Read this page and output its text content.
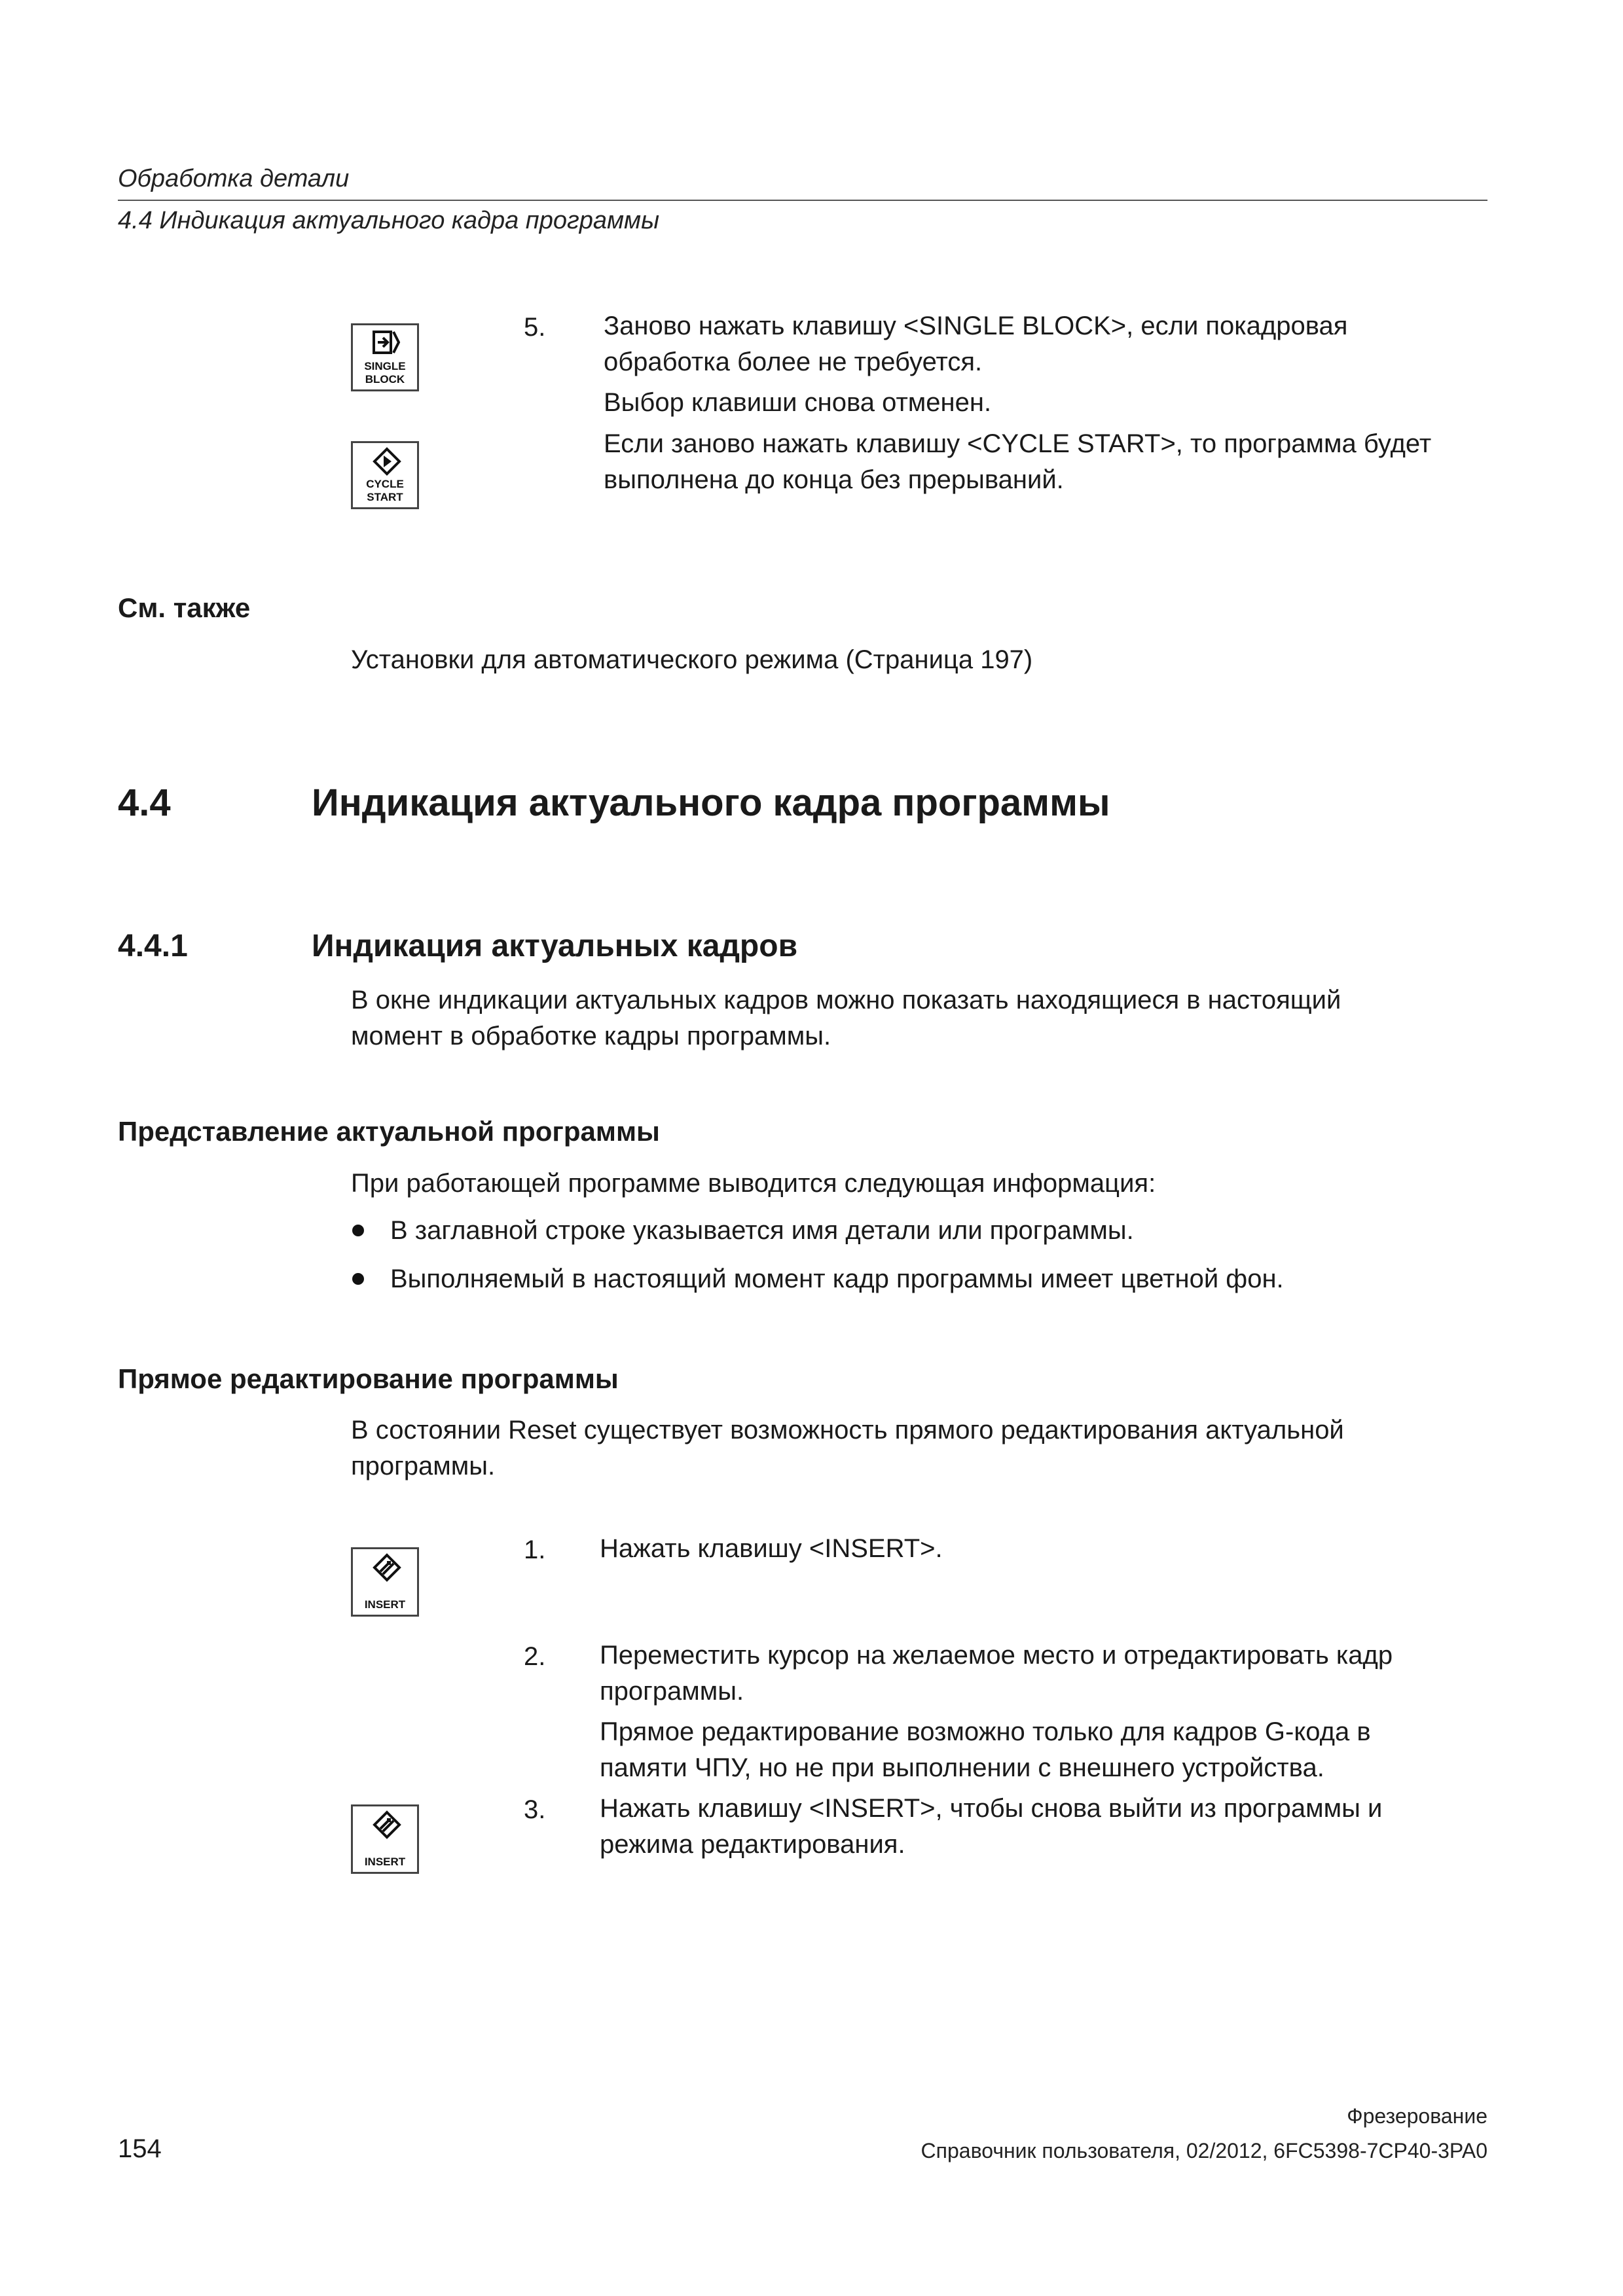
Обработка детали
4.4 Индикация актуального кадра программы
SINGLE
BLOCK
CYCLE
START
5. Заново нажать клавишу <SINGLE BLOCK>, если покадровая
обработка более не требуется.
Выбор клавиши снова отменен.
Если заново нажать клавишу <CYCLE START>, то программа будет
выполнена до конца без прерываний.
См. также
Установки для автоматического режима (Страница 197)
4.4	Индикация актуального кадра программы
4.4.1	Индикация актуальных кадров
В окне индикации актуальных кадров можно показать находящиеся в настоящий
момент в обработке кадры программы.
Представление актуальной программы
При работающей программе выводится следующая информация:
В заглавной строке указывается имя детали или программы.
Выполняемый в настоящий момент кадр программы имеет цветной фон.
Прямое редактирование программы
В состоянии Reset существует возможность прямого редактирования актуальной
программы.
INSERT
1. Нажать клавишу <INSERT>.
2. Переместить курсор на желаемое место и отредактировать кадр
программы.
Прямое редактирование возможно только для кадров G-кода в
памяти ЧПУ, но не при выполнении с внешнего устройства.
INSERT
3. Нажать клавишу <INSERT>, чтобы снова выйти из программы и
режима редактирования.
Фрезерование
154	Справочник пользователя, 02/2012, 6FC5398-7CP40-3PA0
